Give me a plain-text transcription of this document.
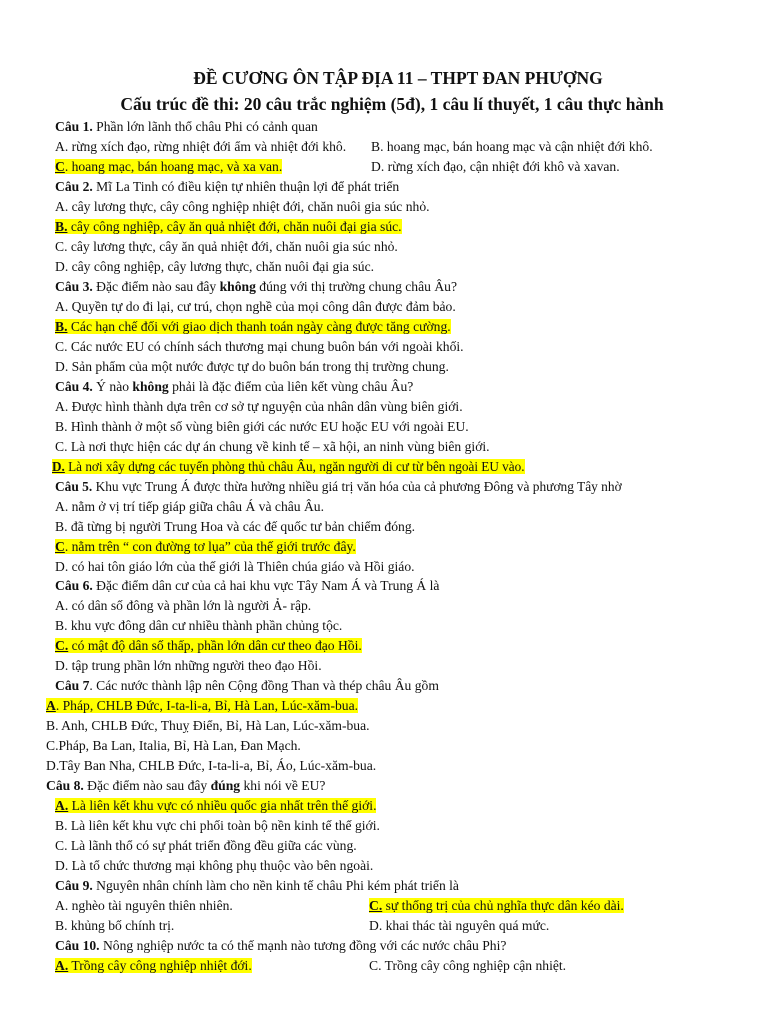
ĐỀ CƯƠNG ÔN TẬP ĐỊA 11 – THPT ĐAN PHƯỢNG
Cấu trúc đề thi: 20 câu trắc nghiệm (5đ), 1 câu lí thuyết, 1 câu thực hành
Câu 1. Phần lớn lãnh thổ châu Phi có cảnh quan
A. rừng xích đạo, rừng nhiệt đới ẩm và nhiệt đới khô. B. hoang mạc, bán hoang mạc và cận nhiệt đới khô.
C. hoang mạc, bán hoang mạc, và xa van.	D. rừng xích đạo, cận nhiệt đới khô và xavan.
Câu 2. Mĩ La Tinh có điều kiện tự nhiên thuận lợi để phát triển
A. cây lương thực, cây công nghiệp nhiệt đới, chăn nuôi gia súc nhỏ.
B. cây công nghiệp, cây ăn quả nhiệt đới, chăn nuôi đại gia súc.
C. cây lương thực, cây ăn quả nhiệt đới, chăn nuôi gia súc nhỏ.
D. cây công nghiệp, cây lương thực, chăn nuôi đại gia súc.
Câu 3. Đặc điểm nào sau đây không đúng với thị trường chung châu Âu?
A. Quyền tự do đi lại, cư trú, chọn nghề của mọi công dân được đảm bảo.
B. Các hạn chế đối với giao dịch thanh toán ngày càng được tăng cường.
C. Các nước EU có chính sách thương mại chung buôn bán với ngoài khối.
D. Sản phẩm của một nước được tự do buôn bán trong thị trường chung.
Câu 4. Ý nào không phải là đặc điểm của liên kết vùng châu Âu?
A. Được hình thành dựa trên cơ sở tự nguyện của nhân dân vùng biên giới.
B. Hình thành ở một số vùng biên giới các nước EU hoặc EU với ngoài EU.
C. Là nơi thực hiện các dự án chung về kinh tế – xã hội, an ninh vùng biên giới.
D. Là nơi xây dựng các tuyến phòng thủ châu Âu, ngăn người di cư từ bên ngoài EU vào.
Câu 5. Khu vực Trung Á được thừa hưởng nhiều giá trị văn hóa của cả phương Đông và phương Tây nhờ
A. nằm ở vị trí tiếp giáp giữa châu Á và châu Âu.
B. đã từng bị người Trung Hoa và các đế quốc tư bản chiếm đóng.
C. nằm trên “ con đường tơ lụa” của thế giới trước đây.
D. có hai tôn giáo lớn của thế giới là Thiên chúa giáo và Hồi giáo.
Câu 6. Đặc điểm dân cư của cả hai khu vực Tây Nam Á và Trung Á là
A. có dân số đông và phần lớn là người Ả- rập.
B. khu vực đông dân cư nhiều thành phần chủng tộc.
C. có mật độ dân số thấp, phần lớn dân cư theo đạo Hồi.
D. tập trung phần lớn những người theo đạo Hồi.
Câu 7. Các nước thành lập nên Cộng đồng Than và thép châu Âu gồm
A. Pháp, CHLB Đức, I-ta-li-a, Bỉ, Hà Lan, Lúc-xăm-bua.
B. Anh, CHLB Đức, Thuỵ Điển, Bỉ, Hà Lan, Lúc-xăm-bua.
C.Pháp, Ba Lan, Italia, Bỉ, Hà Lan, Đan Mạch.
D.Tây Ban Nha, CHLB Đức, I-ta-li-a, Bỉ, Áo, Lúc-xăm-bua.
Câu 8. Đặc điểm nào sau đây đúng khi nói về EU?
A. Là liên kết khu vực có nhiều quốc gia nhất trên thế giới.
B. Là liên kết khu vực chi phối toàn bộ nền kinh tế thế giới.
C. Là lãnh thổ có sự phát triển đồng đều giữa các vùng.
D. Là tổ chức thương mại không phụ thuộc vào bên ngoài.
Câu 9. Nguyên nhân chính làm cho nền kinh tế châu Phi kém phát triển là
A. nghèo tài nguyên thiên nhiên.	C. sự thống trị của chủ nghĩa thực dân kéo dài.
B. khủng bố chính trị.	D. khai thác tài nguyên quá mức.
Câu 10. Nông nghiệp nước ta có thế mạnh nào tương đồng với các nước châu Phi?
A. Trồng cây công nghiệp nhiệt đới.	C. Trồng cây công nghiệp cận nhiệt.
